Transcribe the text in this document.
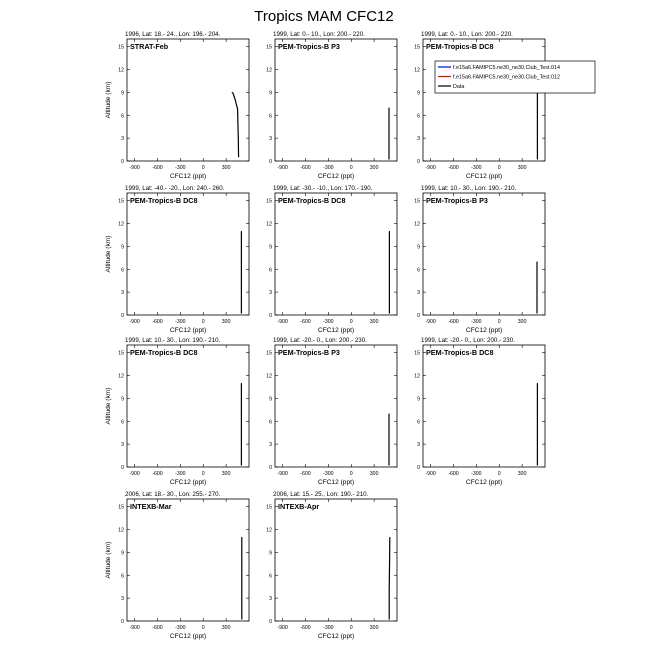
Tropics MAM CFC12
1996, Lat: 18.- 24., Lon: 196.- 204.
STRAT-Feb
-900 -600 -300	0	300
0
3
6
9
12
15
CFC12 (ppt)
Altitude (km)
1999, Lat: 0.- 10., Lon: 200.- 220.
PEM-Tropics-B P3
-900 -600 -300	0	300
0
3
6
9
12
15
CFC12 (ppt)
1999, Lat: 0.- 10., Lon: 200.- 220.
PEM-Tropics-B DC8
-900 -600 -300	0	300
0
3
6
9
12
15
CFC12 (ppt)
1999, Lat: -40.- -20., Lon: 240.- 260.
PEM-Tropics-B DC8
-900 -600 -300	0	300
0
3
6
9
12
15
CFC12 (ppt)
Altitude (km)
1999, Lat: -30.- -10., Lon: 170.- 190.
PEM-Tropics-B DC8
-900 -600 -300	0	300
0
3
6
9
12
15
CFC12 (ppt)
1999, Lat: 10.- 30., Lon: 190.- 210.
PEM-Tropics-B P3
-900 -600 -300	0	300
0
3
6
9
12
15
CFC12 (ppt)
1999, Lat: 10.- 30., Lon: 190.- 210.
PEM-Tropics-B DC8
-900 -600 -300	0	300
0
3
6
9
12
15
CFC12 (ppt)
Altitude (km)
1999, Lat: -20.- 0., Lon: 200.- 230.
PEM-Tropics-B P3
-900 -600 -300	0	300
0
3
6
9
12
15
CFC12 (ppt)
1999, Lat: -20.- 0., Lon: 200.- 230.
PEM-Tropics-B DC8
-900 -600 -300	0	300
0
3
6
9
12
15
CFC12 (ppt)
2006, Lat: 18.- 30., Lon: 255.- 270.
INTEXB-Mar
-900 -600 -300	0	300
0
3
6
9
12
15
CFC12 (ppt)
Altitude (km)
2006, Lat: 15.- 25., Lon: 190.- 210.
INTEXB-Apr
-900 -600 -300	0	300
0
3
6
9
12
15
CFC12 (ppt)
f.e15a6.FAMIPC5.ne30_ne30.Club_Test.014
f.e15a6.FAMIPC5.ne30_ne30.Club_Test.012
Data
